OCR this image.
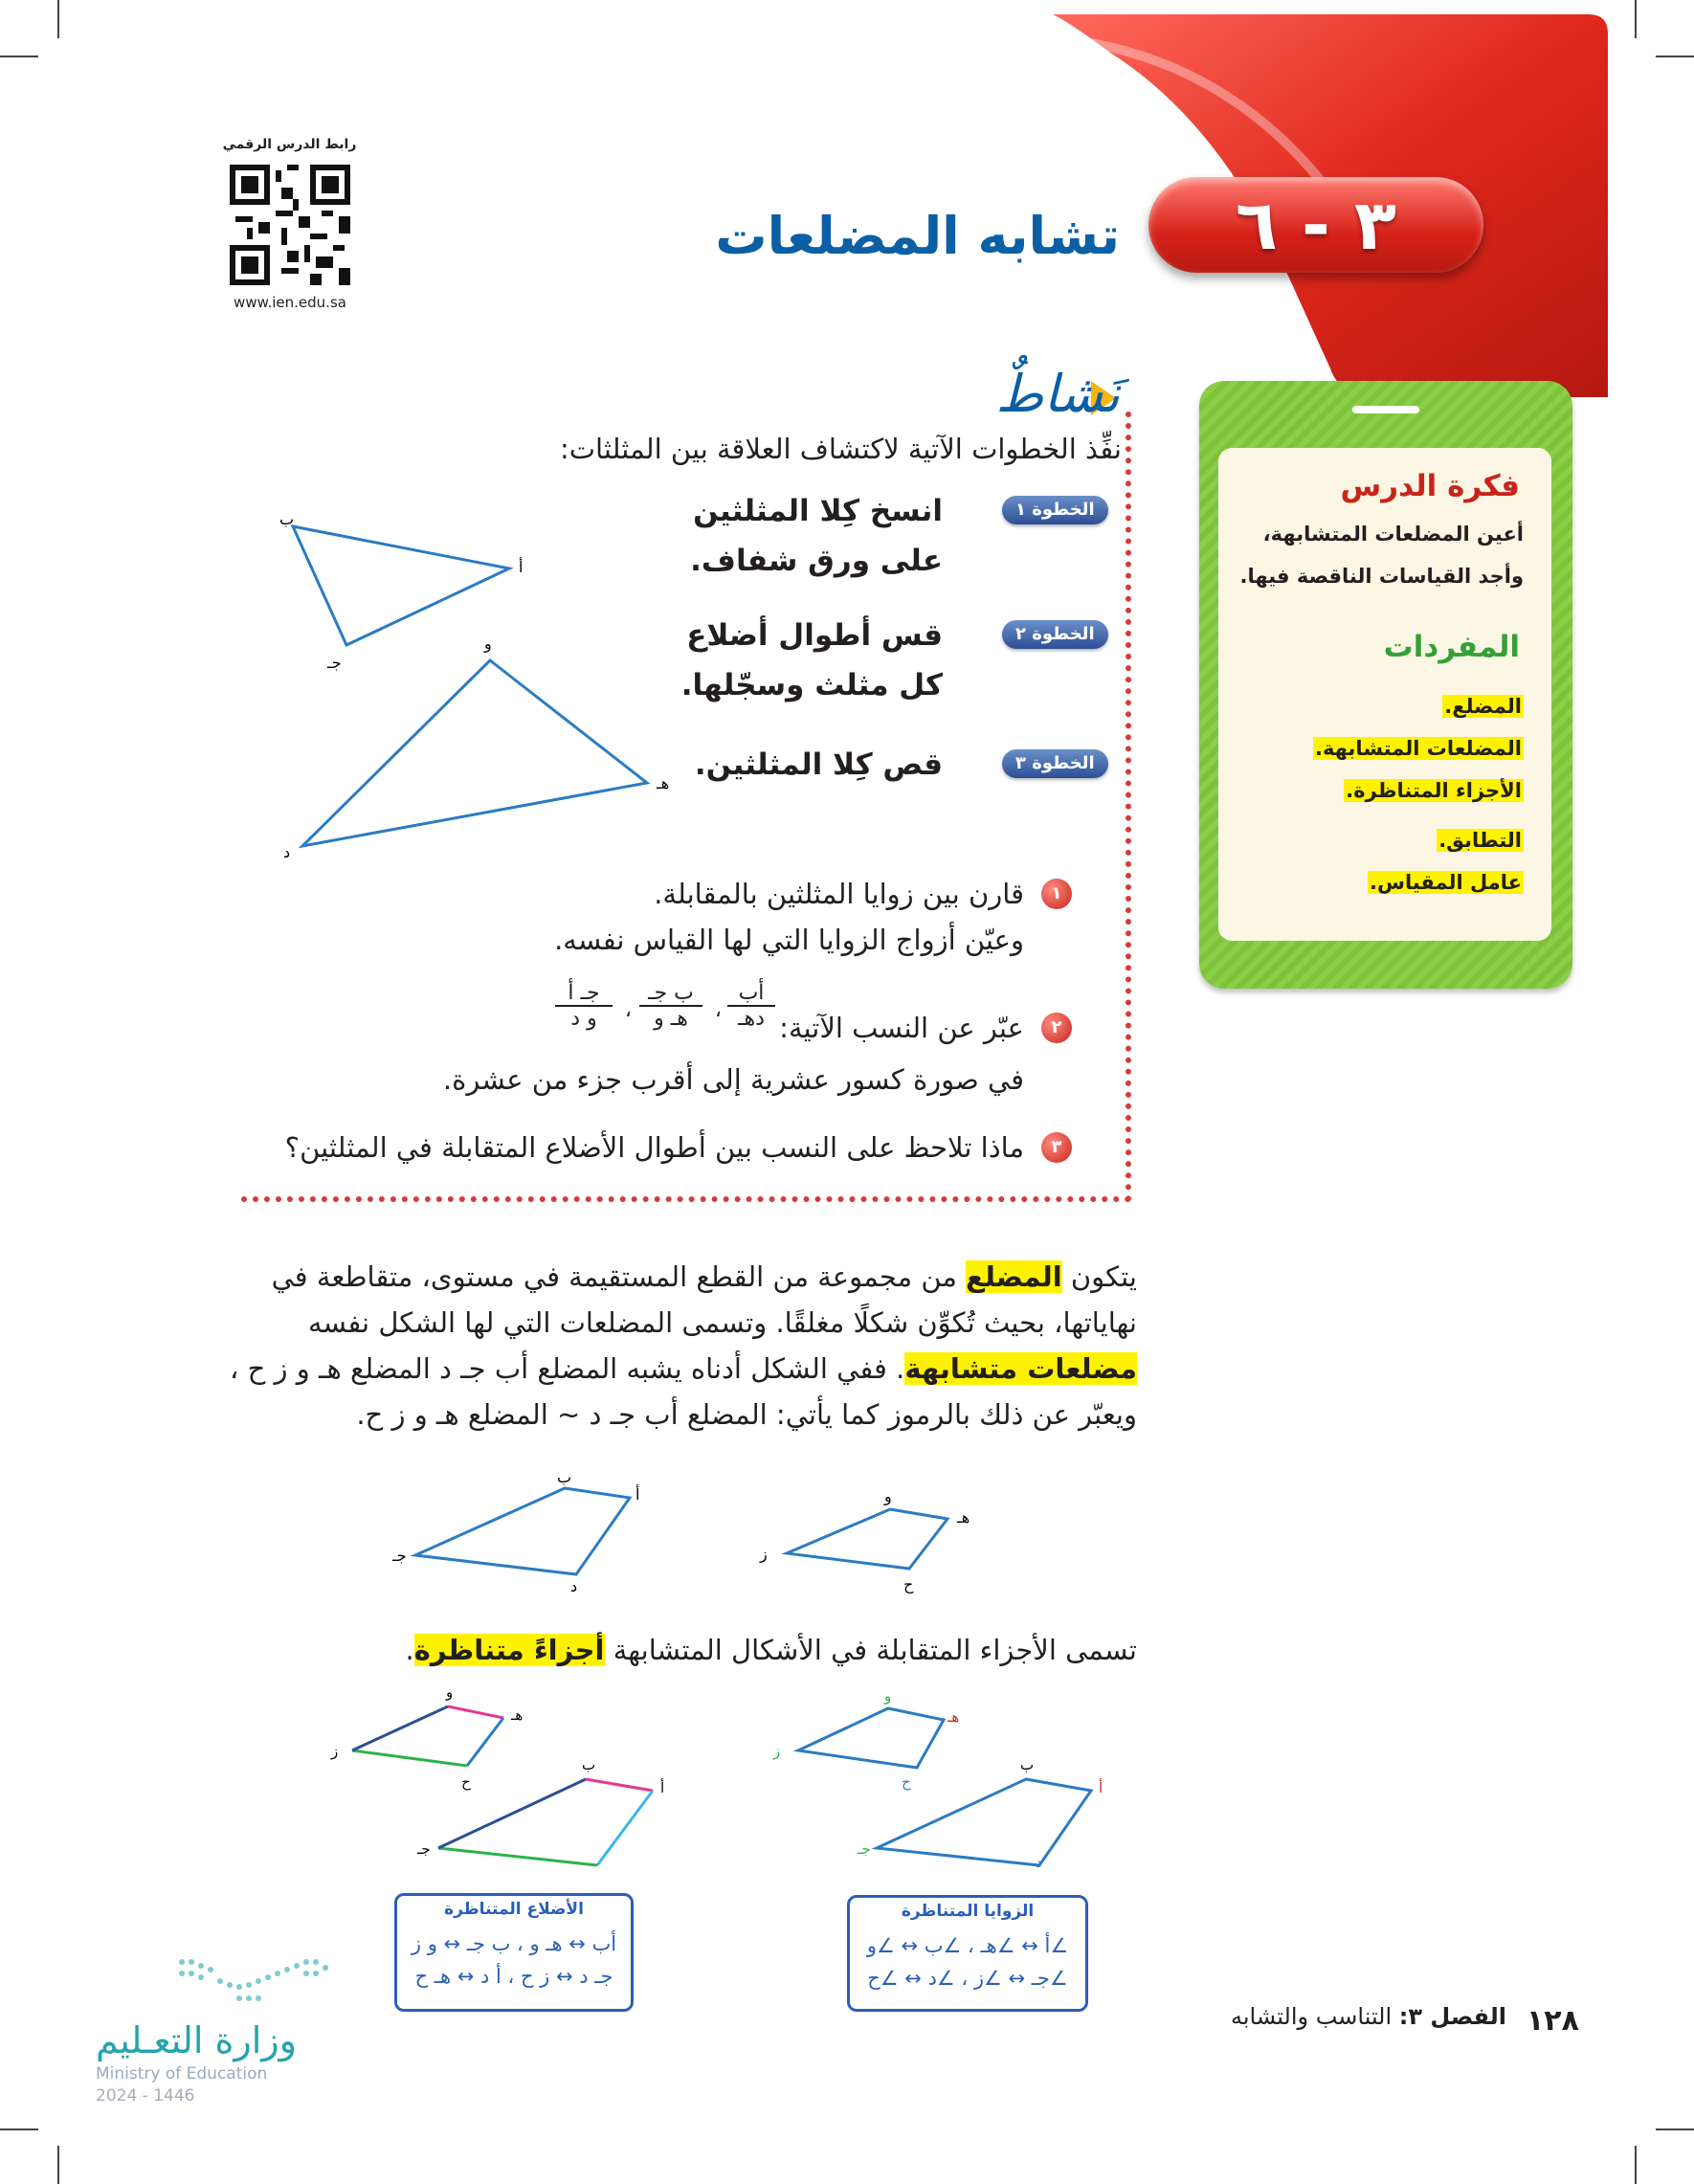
٣ - ٦
تشابه المضلعات
رابط الدرس الرقمي
www.ien.edu.sa
نَشاطٌ
نفِّذ الخطوات الآتية لاكتشاف العلاقة بين المثلثات:
الخطوة ١
انسخ كِلا المثلثين
على ورق شفاف.
الخطوة ٢
قس أطوال أضلاع
كل مثلث وسجّلها.
الخطوة ٣
قص كِلا المثلثين.
ب
أ
جـ
و
هـ
د
١
قارن بين زوايا المثلثين بالمقابلة.
وعيّن أزواج الزوايا التي لها القياس نفسه.
٢
عبّر عن النسب الآتية:
أب
دهـ
،
ب جـ
هـ و
،
جـ أ
و د
في صورة كسور عشرية إلى أقرب جزء من عشرة.
٣
ماذا تلاحظ على النسب بين أطوال الأضلاع المتقابلة في المثلثين؟
فكرة الدرس
أعين المضلعات المتشابهة،
وأجد القياسات الناقصة فيها.
المفردات
المضلع.
المضلعات المتشابهة.
الأجزاء المتناظرة.
التطابق.
عامل المقياس.
يتكون المضلع من مجموعة من القطع المستقيمة في مستوى، متقاطعة في نهاياتها، بحيث تُكوِّن شكلًا مغلقًا. وتسمى المضلعات التي لها الشكل نفسه مضلعات متشابهة. ففي الشكل أدناه يشبه المضلع أب جـ د المضلع هـ و ز ح ، ويعبّر عن ذلك بالرموز كما يأتي: المضلع أب جـ د ∽ المضلع هـ و ز ح.
ب
أ
جـ
د
و
هـ
ز
ح
تسمى الأجزاء المتقابلة في الأشكال المتشابهة أجزاءً متناظرة.
و
هـ
ز
ح
ب
أ
جـ
و
هـ
ز
ح
ب
أ
جـ
د
الأضلاع المتناظرة
أب ↔ هـ و ، ب جـ ↔ و ز
جـ د ↔ ز ح ، أ د ↔ هـ ح
الزوايا المتناظرة
∠أ ↔ ∠هـ ، ∠ب ↔ ∠و
∠جـ ↔ ∠ز ، ∠د ↔ ∠ح
وزارة التعـليم
Ministry of Education
2024 - 1446
الفصل ٣: التناسب والتشابه	١٢٨
